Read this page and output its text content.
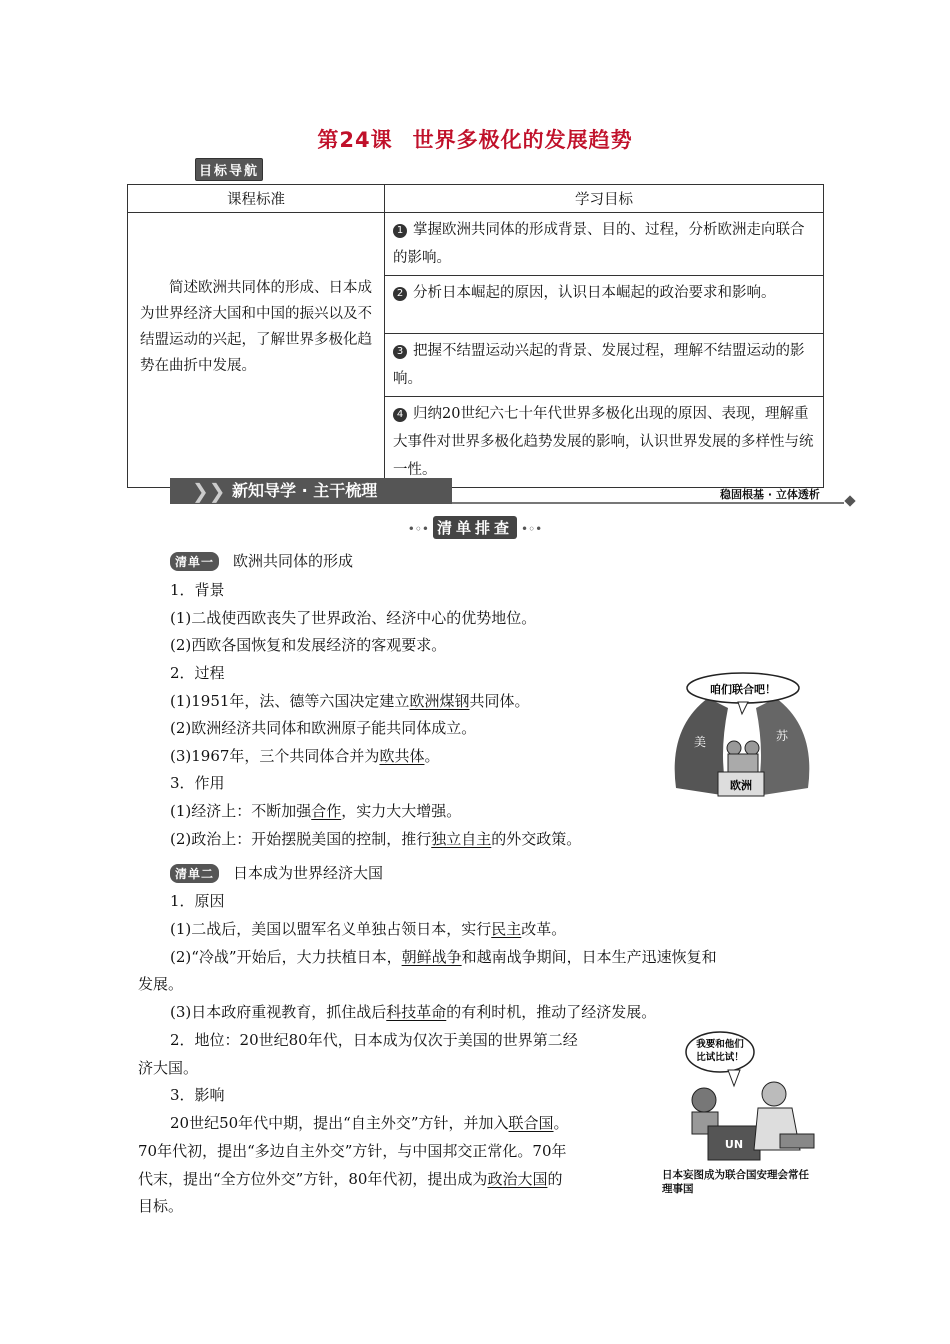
第24课 世界多极化的发展趋势
目标导航
课程标准	学习目标
简述欧洲共同体的形成、日本成为世界经济大国和中国的振兴以及不结盟运动的兴起，了解世界多极化趋势在曲折中发展。	1 掌握欧洲共同体的形成背景、目的、过程，分析欧洲走向联合的影响。
	2 分析日本崛起的原因，认识日本崛起的政治要求和影响。
	3 把握不结盟运动兴起的背景、发展过程，理解不结盟运动的影响。
	4 归纳20世纪六七十年代世界多极化出现的原因、表现，理解重大事件对世界多极化趋势发展的影响，认识世界发展的多样性与统一性。
❯❯ 新知导学 · 主干梳理	稳固根基 · 立体透析
•◦• 清单排查 •◦•
清单一 欧洲共同体的形成
1．背景
(1)二战使西欧丧失了世界政治、经济中心的优势地位。
(2)西欧各国恢复和发展经济的客观要求。
2．过程
(1)1951年，法、德等六国决定建立欧洲煤钢共同体。
(2)欧洲经济共同体和欧洲原子能共同体成立。
(3)1967年，三个共同体合并为欧共体。
3．作用
(1)经济上：不断加强合作，实力大大增强。
(2)政治上：开始摆脱美国的控制，推行独立自主的外交政策。
咱们联合吧！
美	苏
欧洲
清单二 日本成为世界经济大国
1．原因
(1)二战后，美国以盟军名义单独占领日本，实行民主改革。
(2)“冷战”开始后，大力扶植日本，朝鲜战争和越南战争期间，日本生产迅速恢复和
发展。
(3)日本政府重视教育，抓住战后科技革命的有利时机，推动了经济发展。
2．地位：20世纪80年代，日本成为仅次于美国的世界第二经
济大国。
3．影响
20世纪50年代中期，提出“自主外交”方针，并加入联合国。
70年代初，提出“多边自主外交”方针，与中国邦交正常化。70年
代末，提出“全方位外交”方针，80年代初，提出成为政治大国的
目标。
我要和他们
比试比试！
UN
日本妄图成为联合国安理会常任理事国
